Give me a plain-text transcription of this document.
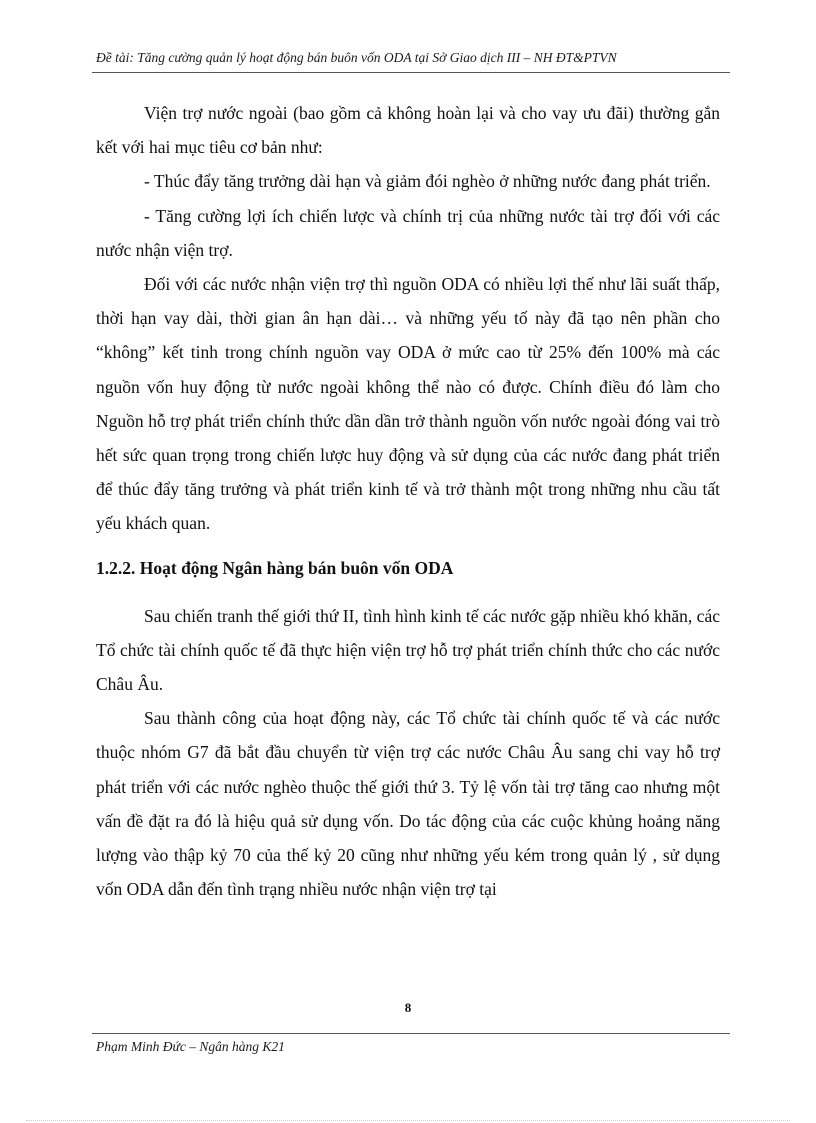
Đề tài: Tăng cường quản lý hoạt động bán buôn vốn ODA tại Sở Giao dịch III – NH ĐT&PTVN

Viện trợ nước ngoài (bao gồm cả không hoàn lại và cho vay ưu đãi) thường gắn kết với hai mục tiêu cơ bản như:

- Thúc đẩy tăng trưởng dài hạn và giảm đói nghèo ở những nước đang phát triển.

- Tăng cường lợi ích chiến lược và chính trị của những nước tài trợ đối với các nước nhận viện trợ.

Đối với các nước nhận viện trợ thì nguồn ODA có nhiều lợi thế như lãi suất thấp, thời hạn vay dài, thời gian ân hạn dài… và những yếu tố này đã tạo nên phần cho “không” kết tinh trong chính nguồn vay ODA ở mức cao từ 25% đến 100% mà các nguồn vốn huy động từ nước ngoài không thể nào có được. Chính điều đó làm cho Nguồn hỗ trợ phát triển chính thức dần dần trở thành nguồn vốn nước ngoài đóng vai trò hết sức quan trọng trong chiến lược huy động và sử dụng của các nước đang phát triển để thúc đẩy tăng trưởng và phát triển kinh tế và trở thành một trong những nhu cầu tất yếu khách quan.

1.2.2. Hoạt động Ngân hàng bán buôn vốn ODA

Sau chiến tranh thế giới thứ II, tình hình kinh tế các nước gặp nhiều khó khăn, các Tổ chức tài chính quốc tế đã thực hiện viện trợ hỗ trợ phát triển chính thức cho các nước Châu Âu.

Sau thành công của hoạt động này, các Tổ chức tài chính quốc tế và các nước thuộc nhóm G7 đã bắt đầu chuyển từ viện trợ các nước Châu Âu sang chi vay hỗ trợ phát triển với các nước nghèo thuộc thế giới thứ 3. Tỷ lệ vốn tài trợ tăng cao nhưng một vấn đề đặt ra đó là hiệu quả sử dụng vốn. Do tác động của các cuộc khủng hoảng năng lượng vào thập kỷ 70 của thế kỷ 20 cũng như những yếu kém trong quản lý , sử dụng vốn ODA dẫn đến tình trạng nhiều nước nhận viện trợ tại

8
Phạm Minh Đức – Ngân hàng K21
